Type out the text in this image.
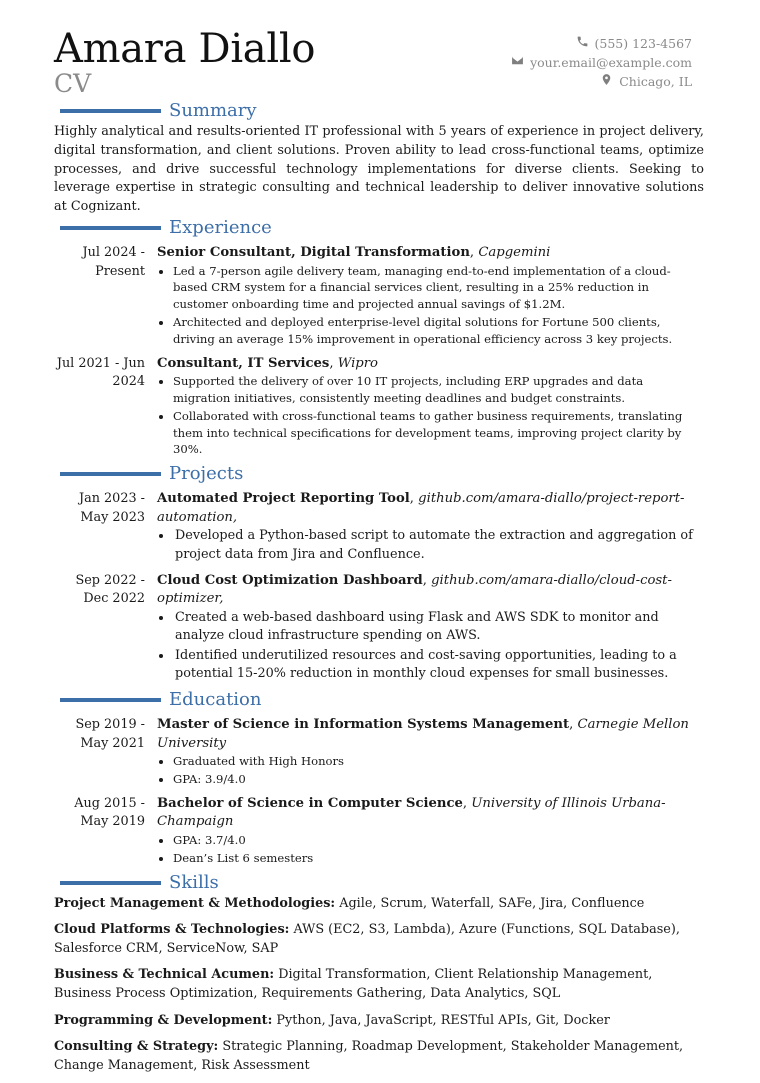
Amara Diallo
CV
(555) 123-4567
your.email@example.com
Chicago, IL
Summary

Highly analytical and results-oriented IT professional with 5 years of experience in project delivery, digital transformation, and client solutions. Proven ability to lead cross-functional teams, optimize processes, and drive successful technology implementations for diverse clients. Seeking to leverage expertise in strategic consulting and technical leadership to deliver innovative solutions at Cognizant.

Experience
Jul 2024 - Present
Senior Consultant, Digital Transformation, Capgemini
• Led a 7-person agile delivery team, managing end-to-end implementation of a cloud-based CRM system for a financial services client, resulting in a 25% reduction in customer onboarding time and projected annual savings of $1.2M.
• Architected and deployed enterprise-level digital solutions for Fortune 500 clients, driving an average 15% improvement in operational efficiency across 3 key projects.
Jul 2021 - Jun 2024
Consultant, IT Services, Wipro
• Supported the delivery of over 10 IT projects, including ERP upgrades and data migration initiatives, consistently meeting deadlines and budget constraints.
• Collaborated with cross-functional teams to gather business requirements, translating them into technical specifications for development teams, improving project clarity by 30%.
Projects
Jan 2023 - May 2023
Automated Project Reporting Tool, github.com/amara-diallo/project-report-automation,
• Developed a Python-based script to automate the extraction and aggregation of project data from Jira and Confluence.
Sep 2022 - Dec 2022
Cloud Cost Optimization Dashboard, github.com/amara-diallo/cloud-cost-optimizer,
• Created a web-based dashboard using Flask and AWS SDK to monitor and analyze cloud infrastructure spending on AWS.
• Identified underutilized resources and cost-saving opportunities, leading to a potential 15-20% reduction in monthly cloud expenses for small businesses.
Education
Sep 2019 - May 2021
Master of Science in Information Systems Management, Carnegie Mellon University
• Graduated with High Honors
• GPA: 3.9/4.0
Aug 2015 - May 2019
Bachelor of Science in Computer Science, University of Illinois Urbana-Champaign
• GPA: 3.7/4.0
• Dean’s List 6 semesters
Skills

Project Management & Methodologies: Agile, Scrum, Waterfall, SAFe, Jira, Confluence

Cloud Platforms & Technologies: AWS (EC2, S3, Lambda), Azure (Functions, SQL Database), Salesforce CRM, ServiceNow, SAP

Business & Technical Acumen: Digital Transformation, Client Relationship Management, Business Process Optimization, Requirements Gathering, Data Analytics, SQL

Programming & Development: Python, Java, JavaScript, RESTful APIs, Git, Docker

Consulting & Strategy: Strategic Planning, Roadmap Development, Stakeholder Management, Change Management, Risk Assessment
